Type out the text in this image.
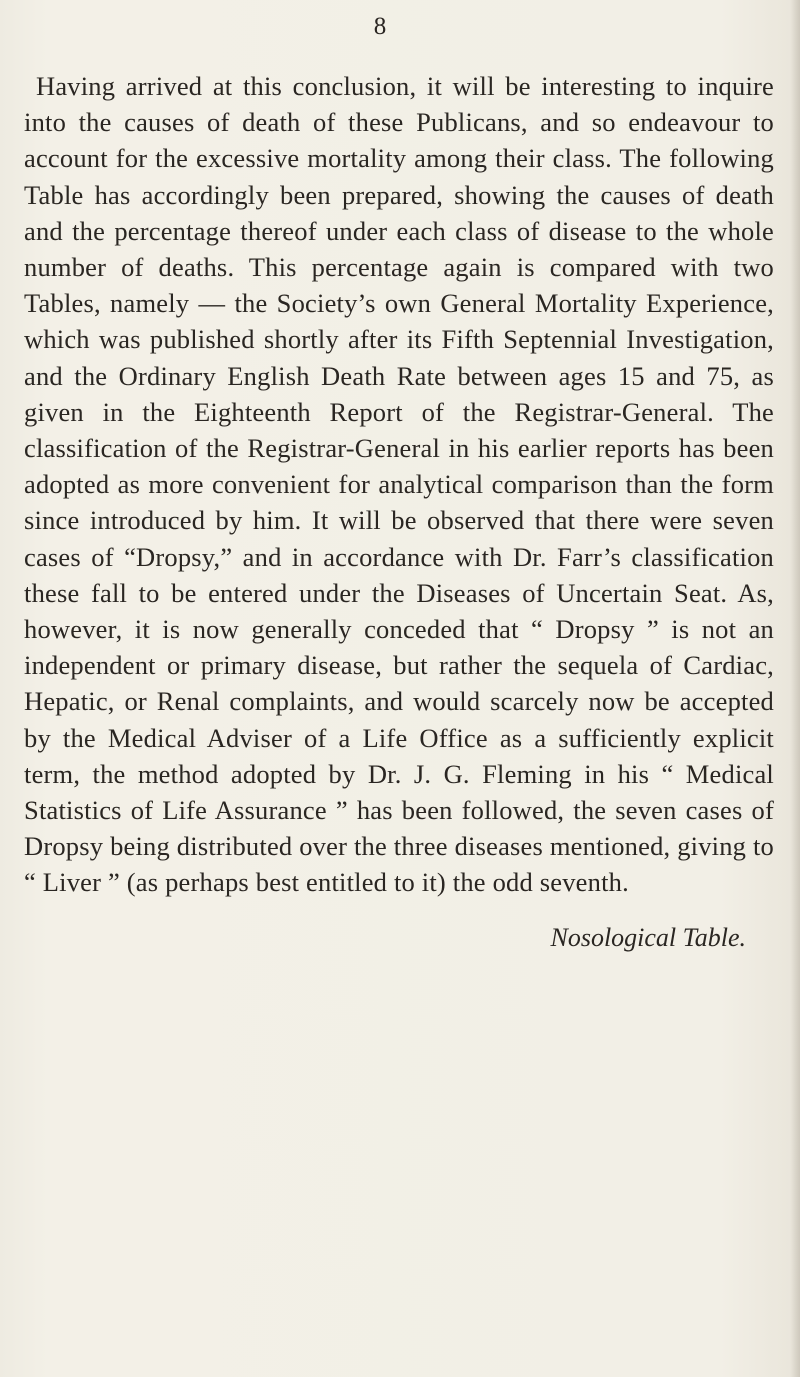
8

Having arrived at this conclusion, it will be interesting to inquire into the causes of death of these Publicans, and so endeavour to account for the excessive mortality among their class. The following Table has accordingly been prepared, showing the causes of death and the percentage thereof under each class of disease to the whole number of deaths. This percentage again is compared with two Tables, namely — the Society’s own General Mortality Experience, which was published shortly after its Fifth Septennial Investigation, and the Ordinary English Death Rate between ages 15 and 75, as given in the Eighteenth Report of the Registrar-General. The classification of the Registrar-General in his earlier reports has been adopted as more convenient for analytical comparison than the form since introduced by him. It will be observed that there were seven cases of “Dropsy,” and in accordance with Dr. Farr’s classification these fall to be entered under the Diseases of Uncertain Seat. As, however, it is now generally conceded that “ Dropsy ” is not an independent or primary disease, but rather the sequela of Cardiac, Hepatic, or Renal complaints, and would scarcely now be accepted by the Medical Adviser of a Life Office as a sufficiently explicit term, the method adopted by Dr. J. G. Fleming in his “ Medical Statistics of Life Assurance ” has been followed, the seven cases of Dropsy being distributed over the three diseases mentioned, giving to “ Liver ” (as perhaps best entitled to it) the odd seventh.

Nosological Table.
